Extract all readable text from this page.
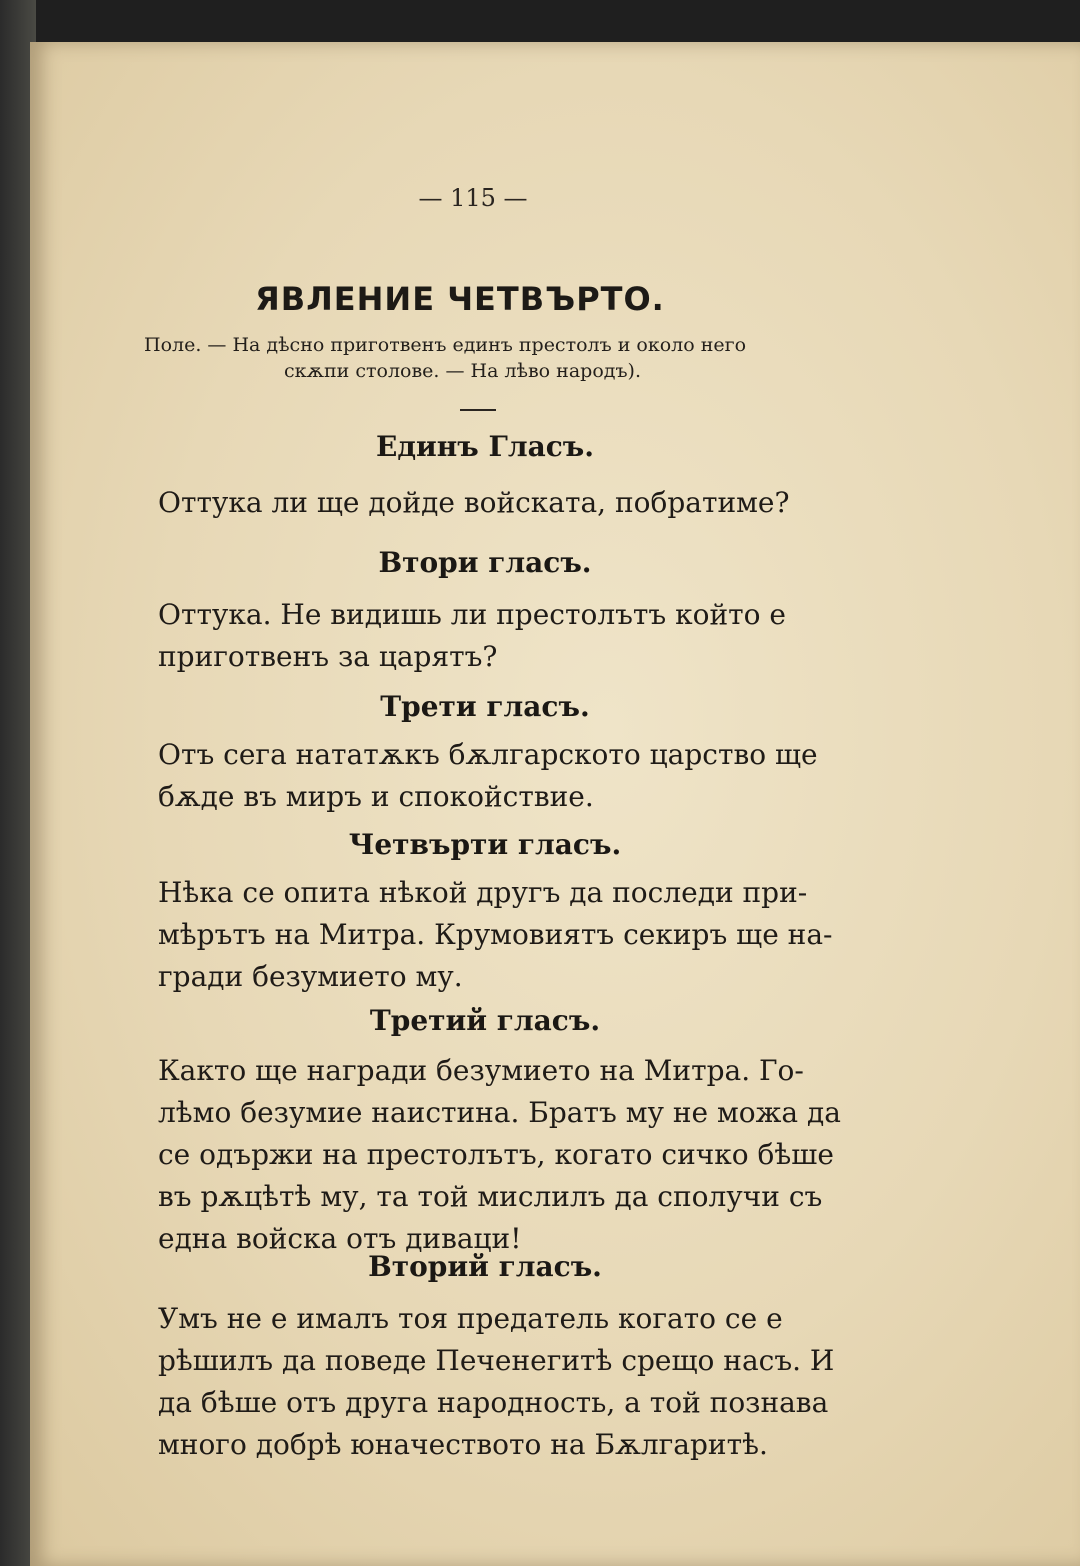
— 115 —
ЯВЛЕНИЕ ЧЕТВЪРТО.
Поле. — На дѣсно приготвенъ единъ престолъ и около него
скѫпи столове. — На лѣво народъ).
Единъ Гласъ.
Оттука ли ще дойде войската, побратиме?
Втори гласъ.
Оттука. Не видишь ли престолътъ който е
приготвенъ за царятъ?
Трети гласъ.
Отъ сега нататѫкъ бѫлгарското царство ще
бѫде въ миръ и спокойствие.
Четвърти гласъ.
Нѣка се опита нѣкой другъ да последи при-
мѣрътъ на Митра. Крумовиятъ секиръ ще на-
гради безумието му.
Третий гласъ.
Както ще награди безумието на Митра. Го-
лѣмо безумие наистина. Братъ му не можа да
се одържи на престолътъ, когато сичко бѣше
въ рѫцѣтѣ му, та той мислилъ да сполучи съ
една войска отъ диваци!
Вторий гласъ.
Умъ не е ималъ тоя предатель когато се е
рѣшилъ да поведе Печенегитѣ срещо насъ. И
да бѣше отъ друга народность, а той познава
много добрѣ юначеството на Бѫлгаритѣ.
